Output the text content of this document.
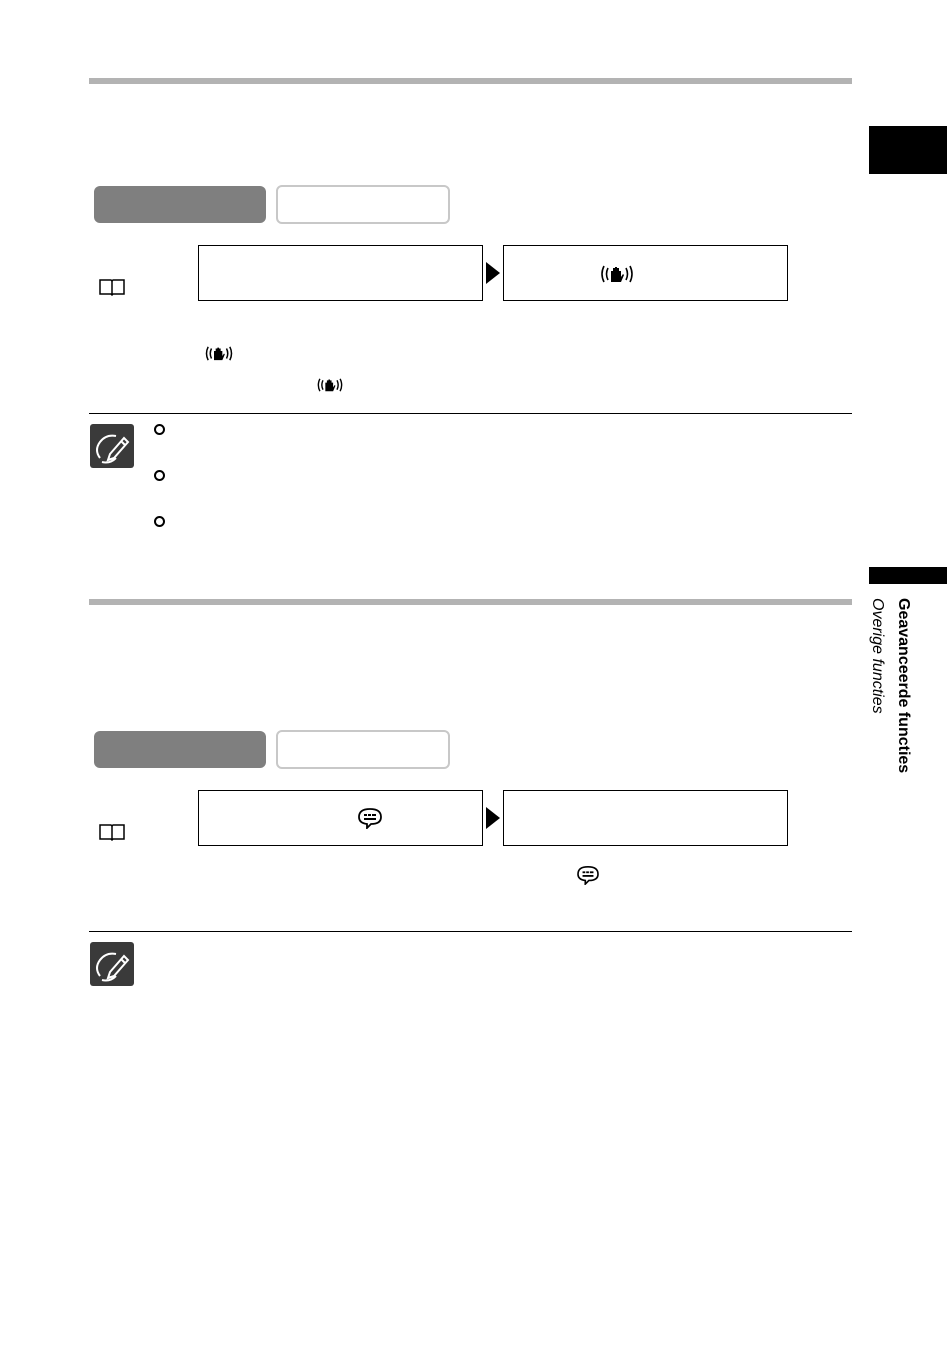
Geavanceerde functies
Overige functies
